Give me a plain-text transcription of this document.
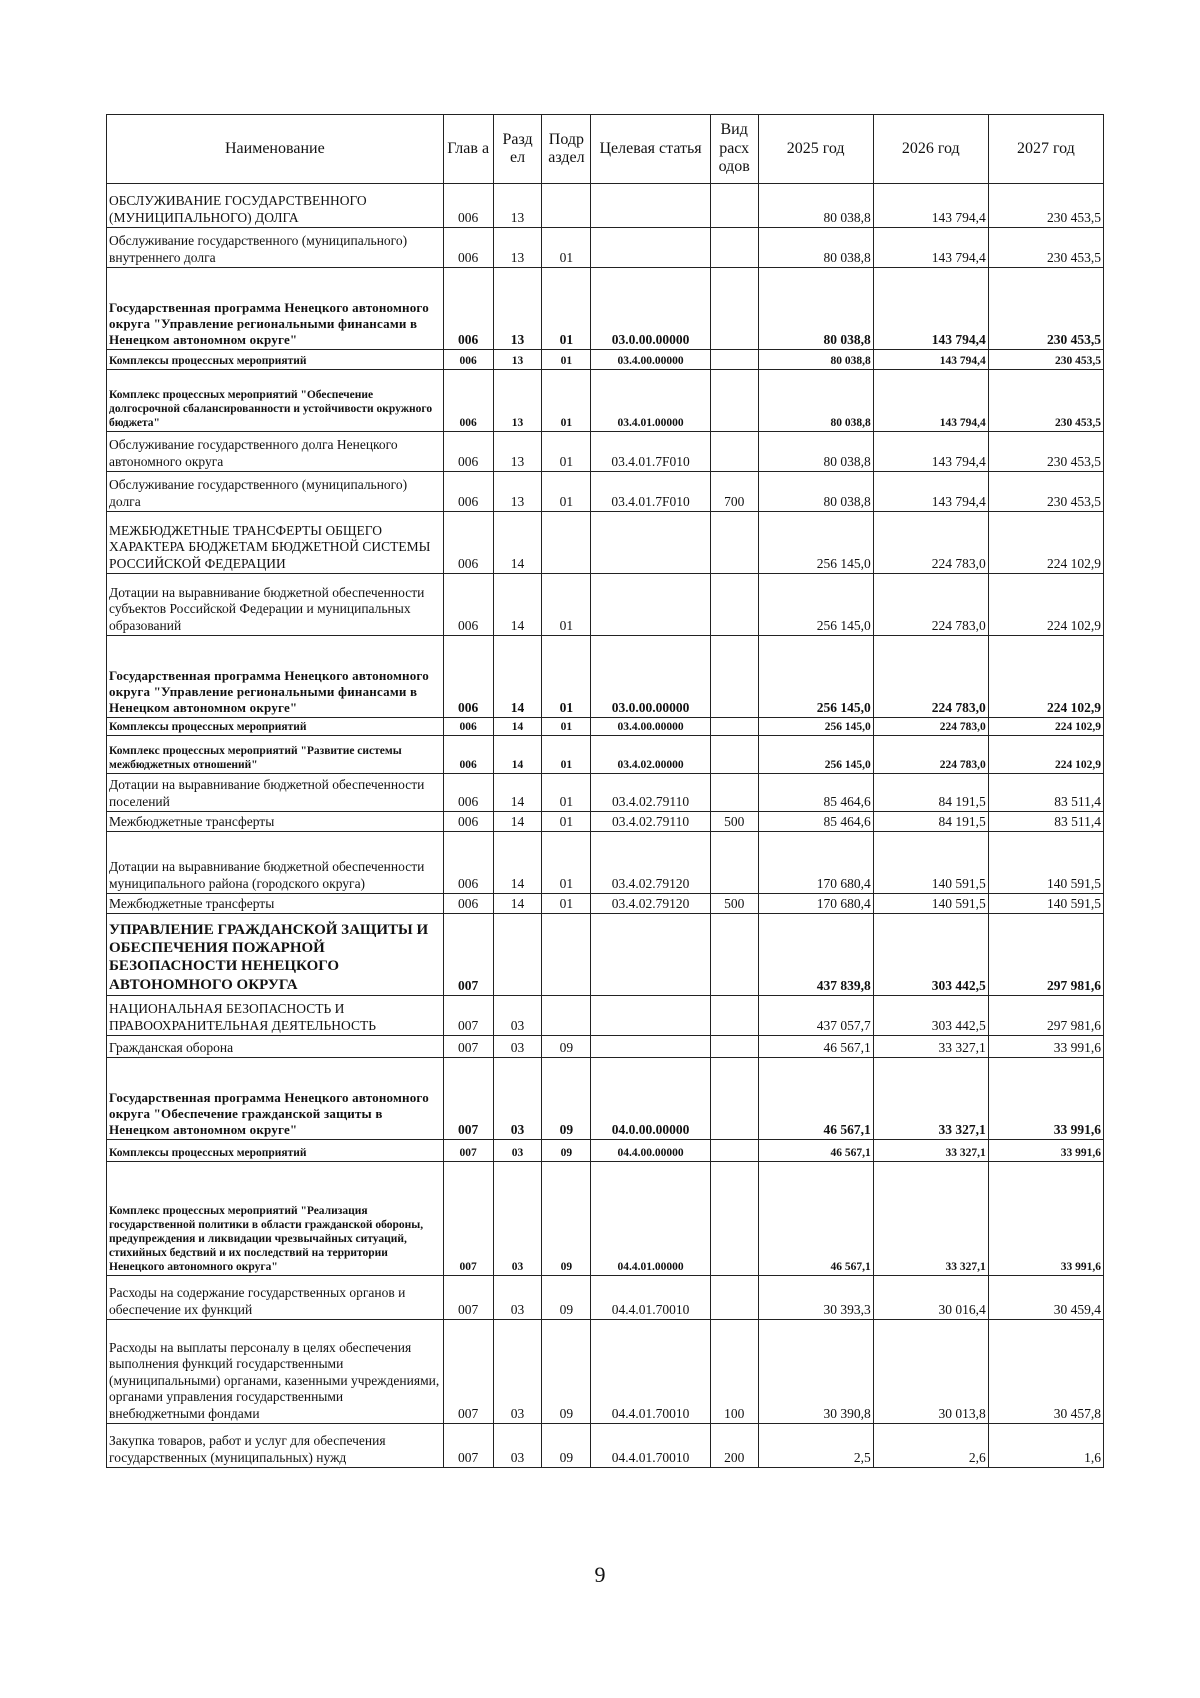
Наименование	Глав а	Разд ел	Подр аздел	Целевая статья	Вид расх одов	2025 год	2026 год	2027 год
ОБСЛУЖИВАНИЕ ГОСУДАРСТВЕННОГО (МУНИЦИПАЛЬНОГО) ДОЛГА	006	13				80 038,8	143 794,4	230 453,5
Обслуживание государственного (муниципального) внутреннего долга	006	13	01			80 038,8	143 794,4	230 453,5
Государственная программа Ненецкого автономного округа "Управление региональными финансами в Ненецком автономном округе"	006	13	01	03.0.00.00000		80 038,8	143 794,4	230 453,5
Комплексы процессных мероприятий	006	13	01	03.4.00.00000		80 038,8	143 794,4	230 453,5
Комплекс процессных мероприятий "Обеспечение долгосрочной сбалансированности и устойчивости окружного бюджета"	006	13	01	03.4.01.00000		80 038,8	143 794,4	230 453,5
Обслуживание государственного долга Ненецкого автономного округа	006	13	01	03.4.01.7F010		80 038,8	143 794,4	230 453,5
Обслуживание государственного (муниципального) долга	006	13	01	03.4.01.7F010	700	80 038,8	143 794,4	230 453,5
МЕЖБЮДЖЕТНЫЕ ТРАНСФЕРТЫ ОБЩЕГО ХАРАКТЕРА БЮДЖЕТАМ БЮДЖЕТНОЙ СИСТЕМЫ РОССИЙСКОЙ ФЕДЕРАЦИИ	006	14				256 145,0	224 783,0	224 102,9
Дотации на выравнивание бюджетной обеспеченности субъектов Российской Федерации и муниципальных образований	006	14	01			256 145,0	224 783,0	224 102,9
Государственная программа Ненецкого автономного округа "Управление региональными финансами в Ненецком автономном округе"	006	14	01	03.0.00.00000		256 145,0	224 783,0	224 102,9
Комплексы процессных мероприятий	006	14	01	03.4.00.00000		256 145,0	224 783,0	224 102,9
Комплекс процессных мероприятий "Развитие системы межбюджетных отношений"	006	14	01	03.4.02.00000		256 145,0	224 783,0	224 102,9
Дотации на выравнивание бюджетной обеспеченности поселений	006	14	01	03.4.02.79110		85 464,6	84 191,5	83 511,4
Межбюджетные трансферты	006	14	01	03.4.02.79110	500	85 464,6	84 191,5	83 511,4
Дотации на выравнивание бюджетной обеспеченности муниципального района (городского округа)	006	14	01	03.4.02.79120		170 680,4	140 591,5	140 591,5
Межбюджетные трансферты	006	14	01	03.4.02.79120	500	170 680,4	140 591,5	140 591,5
УПРАВЛЕНИЕ ГРАЖДАНСКОЙ ЗАЩИТЫ И ОБЕСПЕЧЕНИЯ ПОЖАРНОЙ БЕЗОПАСНОСТИ НЕНЕЦКОГО АВТОНОМНОГО ОКРУГА	007					437 839,8	303 442,5	297 981,6
НАЦИОНАЛЬНАЯ БЕЗОПАСНОСТЬ И ПРАВООХРАНИТЕЛЬНАЯ ДЕЯТЕЛЬНОСТЬ	007	03				437 057,7	303 442,5	297 981,6
Гражданская оборона	007	03	09			46 567,1	33 327,1	33 991,6
Государственная программа Ненецкого автономного округа "Обеспечение гражданской защиты в Ненецком автономном округе"	007	03	09	04.0.00.00000		46 567,1	33 327,1	33 991,6
Комплексы процессных мероприятий	007	03	09	04.4.00.00000		46 567,1	33 327,1	33 991,6
Комплекс процессных мероприятий "Реализация государственной политики в области гражданской обороны, предупреждения и ликвидации чрезвычайных ситуаций, стихийных бедствий и их последствий на территории Ненецкого автономного округа"	007	03	09	04.4.01.00000		46 567,1	33 327,1	33 991,6
Расходы на содержание государственных органов и обеспечение их функций	007	03	09	04.4.01.70010		30 393,3	30 016,4	30 459,4
Расходы на выплаты персоналу в целях обеспечения выполнения функций государственными (муниципальными) органами, казенными учреждениями, органами управления государственными внебюджетными фондами	007	03	09	04.4.01.70010	100	30 390,8	30 013,8	30 457,8
Закупка товаров, работ и услуг для обеспечения государственных (муниципальных) нужд	007	03	09	04.4.01.70010	200	2,5	2,6	1,6
9
